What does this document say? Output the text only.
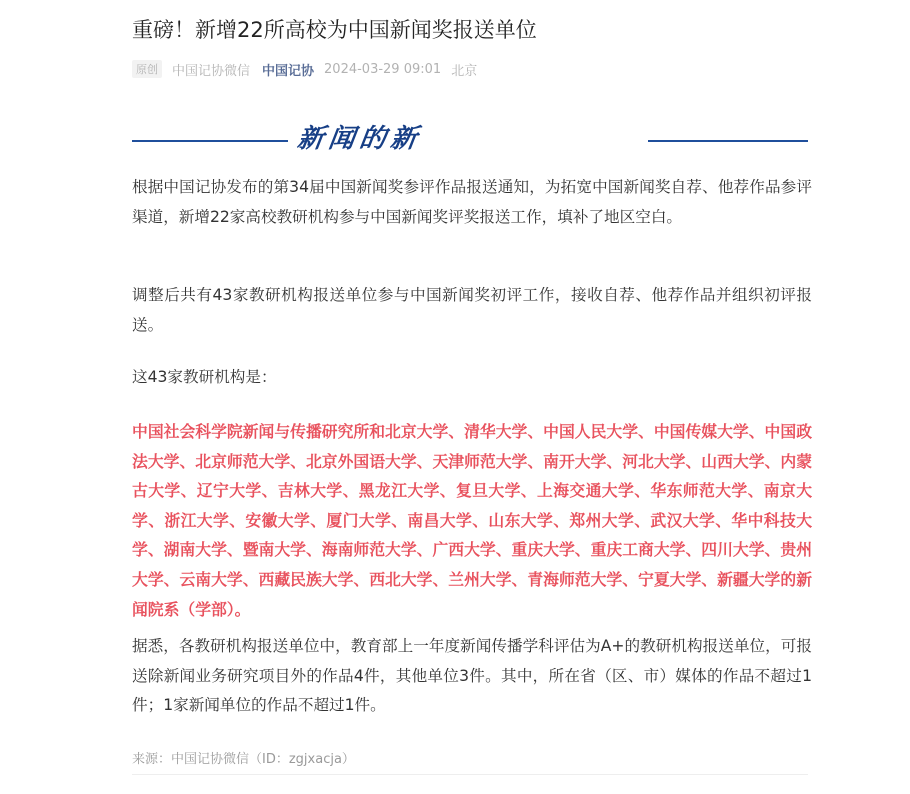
重磅！新增22所高校为中国新闻奖报送单位
原创	中国记协微信 中国记协 2024-03-29 09:01 北京
新闻的新

根据中国记协发布的第34届中国新闻奖参评作品报送通知，为拓宽中国新闻奖自荐、他荐作品参评渠道，新增22家高校教研机构参与中国新闻奖评奖报送工作，填补了地区空白。

调整后共有43家教研机构报送单位参与中国新闻奖初评工作，接收自荐、他荐作品并组织初评报送。

这43家教研机构是：

中国社会科学院新闻与传播研究所和北京大学、清华大学、中国人民大学、中国传媒大学、中国政法大学、北京师范大学、北京外国语大学、天津师范大学、南开大学、河北大学、山西大学、内蒙古大学、辽宁大学、吉林大学、黑龙江大学、复旦大学、上海交通大学、华东师范大学、南京大学、浙江大学、安徽大学、厦门大学、南昌大学、山东大学、郑州大学、武汉大学、华中科技大学、湖南大学、暨南大学、海南师范大学、广西大学、重庆大学、重庆工商大学、四川大学、贵州大学、云南大学、西藏民族大学、西北大学、兰州大学、青海师范大学、宁夏大学、新疆大学的新闻院系（学部）。

据悉，各教研机构报送单位中，教育部上一年度新闻传播学科评估为A+的教研机构报送单位，可报送除新闻业务研究项目外的作品4件，其他单位3件。其中，所在省（区、市）媒体的作品不超过1件；1家新闻单位的作品不超过1件。

来源：中国记协微信（ID：zgjxacja）
